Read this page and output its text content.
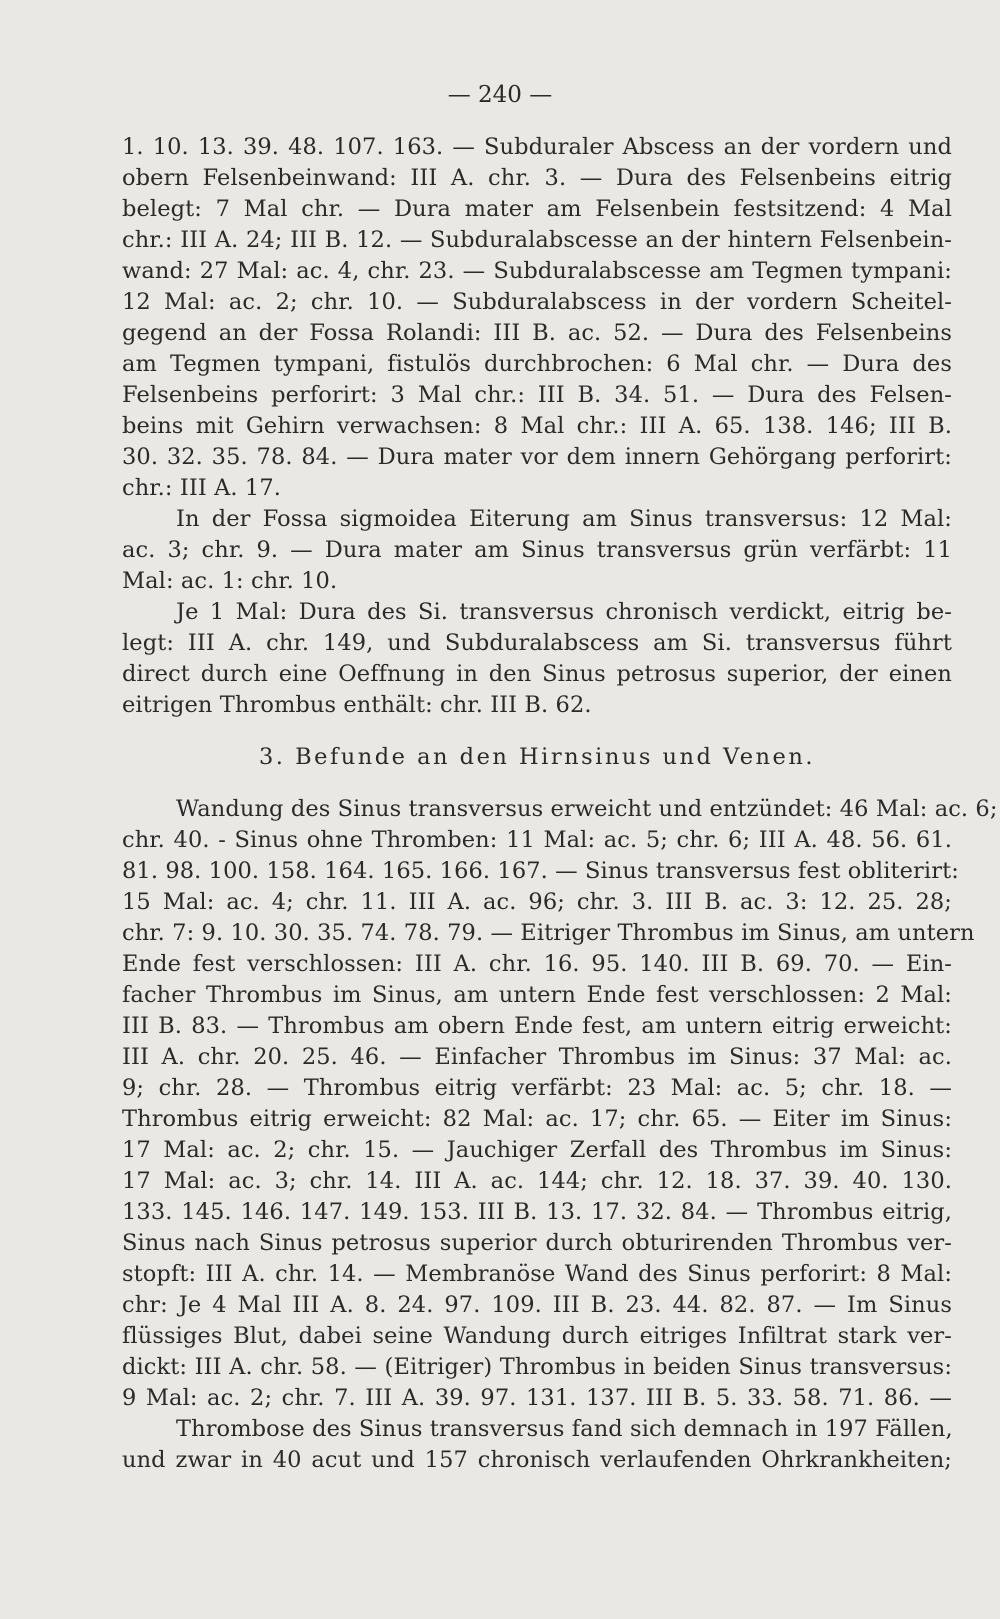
— 240 —
1. 10. 13. 39. 48. 107. 163. — Subduraler Abscess an der vordern und
obern Felsenbeinwand: III A. chr. 3. — Dura des Felsenbeins eitrig
belegt: 7 Mal chr. — Dura mater am Felsenbein festsitzend: 4 Mal
chr.: III A. 24; III B. 12. — Subduralabscesse an der hintern Felsenbein-
wand: 27 Mal: ac. 4, chr. 23. — Subduralabscesse am Tegmen tympani:
12 Mal: ac. 2; chr. 10. — Subduralabscess in der vordern Scheitel-
gegend an der Fossa Rolandi: III B. ac. 52. — Dura des Felsenbeins
am Tegmen tympani, fistulös durchbrochen: 6 Mal chr. — Dura des
Felsenbeins perforirt: 3 Mal chr.: III B. 34. 51. — Dura des Felsen-
beins mit Gehirn verwachsen: 8 Mal chr.: III A. 65. 138. 146; III B.
30. 32. 35. 78. 84. — Dura mater vor dem innern Gehörgang perforirt:
chr.: III A. 17.
In der Fossa sigmoidea Eiterung am Sinus transversus: 12 Mal:
ac. 3; chr. 9. — Dura mater am Sinus transversus grün verfärbt: 11
Mal: ac. 1: chr. 10.
Je 1 Mal: Dura des Si. transversus chronisch verdickt, eitrig be-
legt: III A. chr. 149, und Subduralabscess am Si. transversus führt
direct durch eine Oeffnung in den Sinus petrosus superior, der einen
eitrigen Thrombus enthält: chr. III B. 62.
3. Befunde an den Hirnsinus und Venen.
Wandung des Sinus transversus erweicht und entzündet: 46 Mal: ac. 6;
chr. 40. - Sinus ohne Thromben: 11 Mal: ac. 5; chr. 6; III A. 48. 56. 61.
81. 98. 100. 158. 164. 165. 166. 167. — Sinus transversus fest obliterirt:
15 Mal: ac. 4; chr. 11. III A. ac. 96; chr. 3. III B. ac. 3: 12. 25. 28;
chr. 7: 9. 10. 30. 35. 74. 78. 79. — Eitriger Thrombus im Sinus, am untern
Ende fest verschlossen: III A. chr. 16. 95. 140. III B. 69. 70. — Ein-
facher Thrombus im Sinus, am untern Ende fest verschlossen: 2 Mal:
III B. 83. — Thrombus am obern Ende fest, am untern eitrig erweicht:
III A. chr. 20. 25. 46. — Einfacher Thrombus im Sinus: 37 Mal: ac.
9; chr. 28. — Thrombus eitrig verfärbt: 23 Mal: ac. 5; chr. 18. —
Thrombus eitrig erweicht: 82 Mal: ac. 17; chr. 65. — Eiter im Sinus:
17 Mal: ac. 2; chr. 15. — Jauchiger Zerfall des Thrombus im Sinus:
17 Mal: ac. 3; chr. 14. III A. ac. 144; chr. 12. 18. 37. 39. 40. 130.
133. 145. 146. 147. 149. 153. III B. 13. 17. 32. 84. — Thrombus eitrig,
Sinus nach Sinus petrosus superior durch obturirenden Thrombus ver-
stopft: III A. chr. 14. — Membranöse Wand des Sinus perforirt: 8 Mal:
chr: Je 4 Mal III A. 8. 24. 97. 109. III B. 23. 44. 82. 87. — Im Sinus
flüssiges Blut, dabei seine Wandung durch eitriges Infiltrat stark ver-
dickt: III A. chr. 58. — (Eitriger) Thrombus in beiden Sinus transversus:
9 Mal: ac. 2; chr. 7. III A. 39. 97. 131. 137. III B. 5. 33. 58. 71. 86. —
Thrombose des Sinus transversus fand sich demnach in 197 Fällen,
und zwar in 40 acut und 157 chronisch verlaufenden Ohrkrankheiten;
